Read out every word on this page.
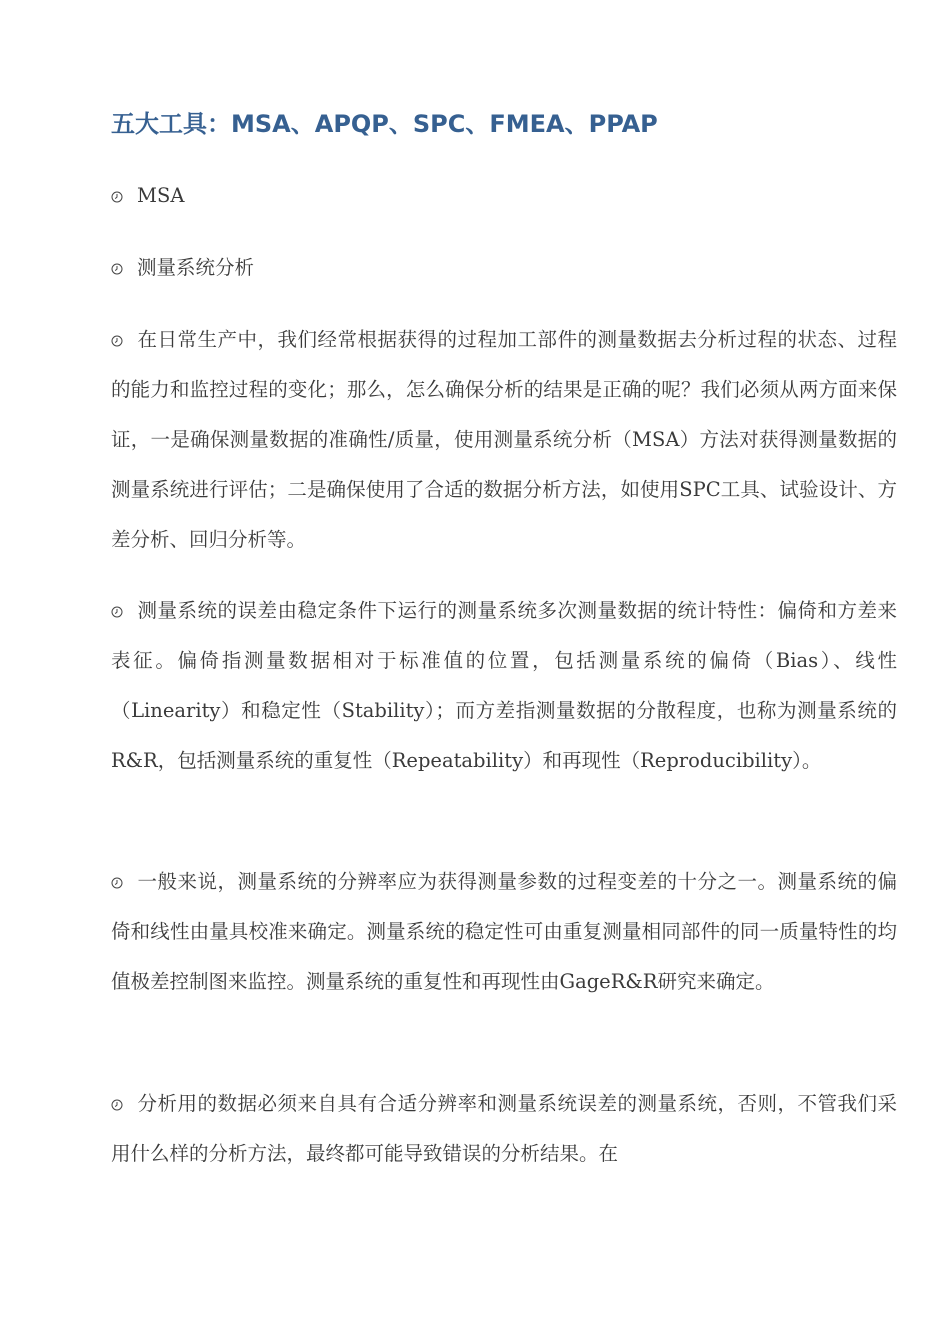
五大工具：MSA、APQP、SPC、FMEA、PPAP
MSA
测量系统分析
在日常生产中，我们经常根据获得的过程加工部件的测量数据去分析过程的状态、过程的能力和监控过程的变化；那么，怎么确保分析的结果是正确的呢？我们必须从两方面来保证，一是确保测量数据的准确性/质量，使用测量系统分析（MSA）方法对获得测量数据的测量系统进行评估；二是确保使用了合适的数据分析方法，如使用SPC工具、试验设计、方差分析、回归分析等。
测量系统的误差由稳定条件下运行的测量系统多次测量数据的统计特性：偏倚和方差来表征。偏倚指测量数据相对于标准值的位置，包括测量系统的偏倚（Bias）、线性（Linearity）和稳定性（Stability）；而方差指测量数据的分散程度，也称为测量系统的R&R，包括测量系统的重复性（Repeatability）和再现性（Reproducibility）。
一般来说，测量系统的分辨率应为获得测量参数的过程变差的十分之一。测量系统的偏倚和线性由量具校准来确定。测量系统的稳定性可由重复测量相同部件的同一质量特性的均值极差控制图来监控。测量系统的重复性和再现性由GageR&R研究来确定。
分析用的数据必须来自具有合适分辨率和测量系统误差的测量系统，否则，不管我们采用什么样的分析方法，最终都可能导致错误的分析结果。在
